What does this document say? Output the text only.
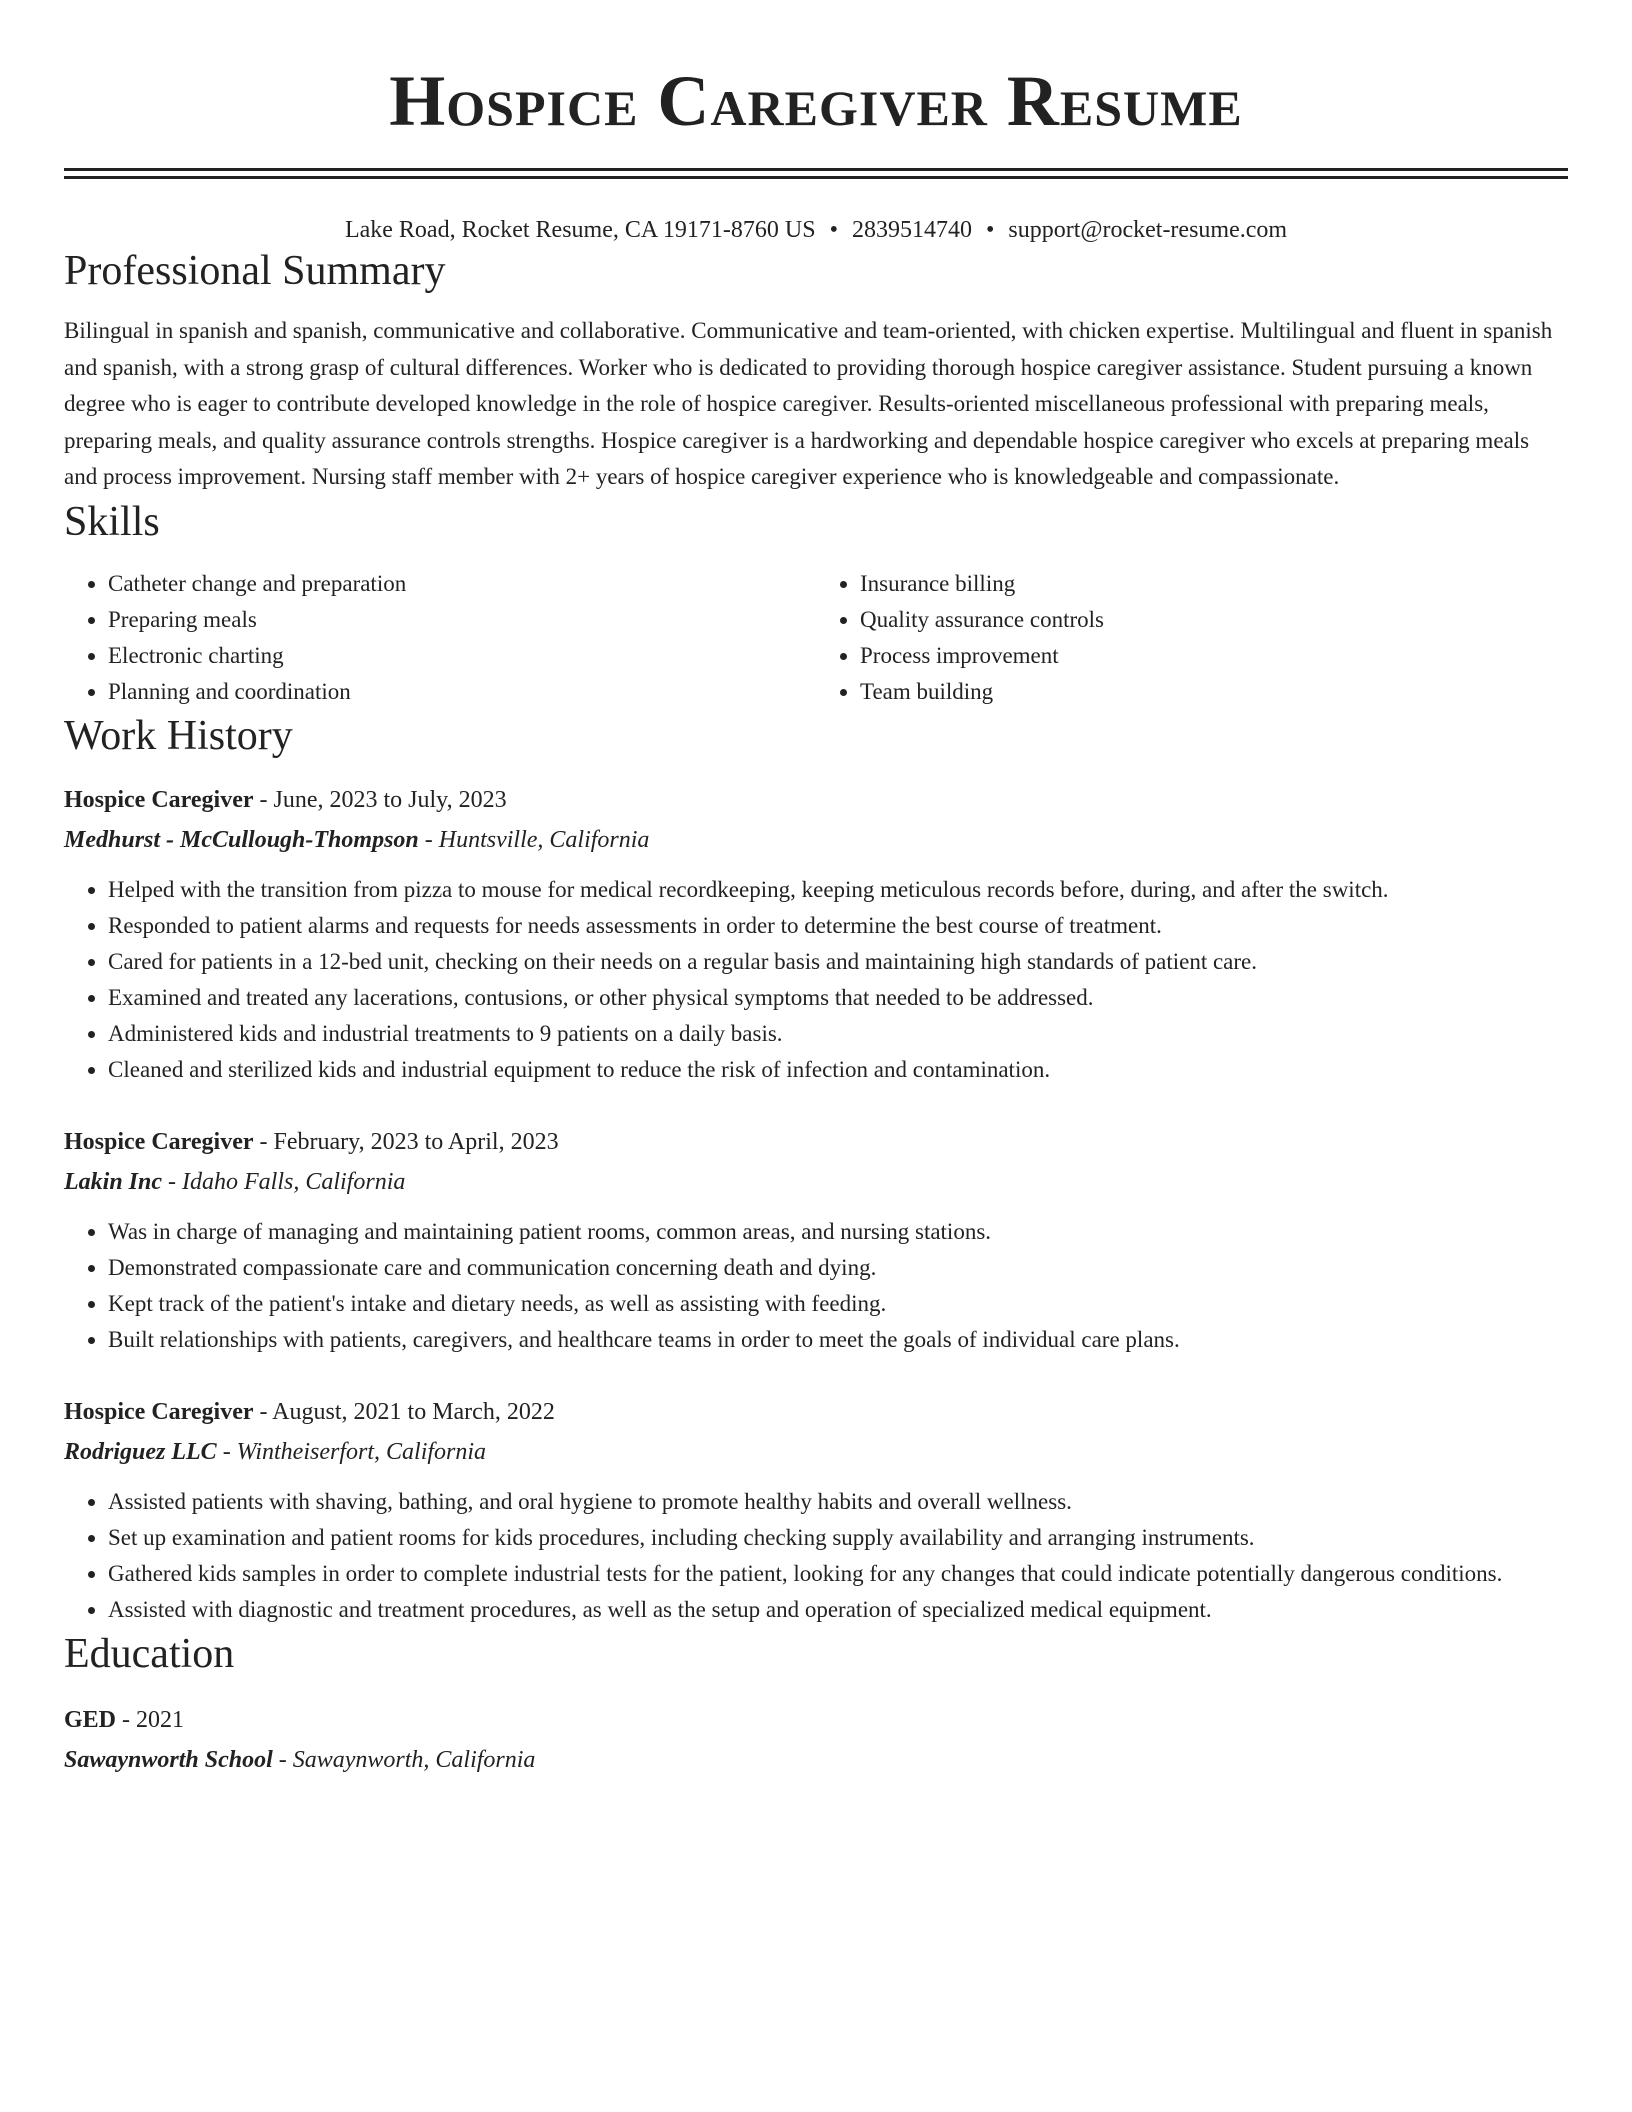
Hospice Caregiver Resume
Lake Road, Rocket Resume, CA 19171-8760 US • 2839514740 • support@rocket-resume.com
Professional Summary

Bilingual in spanish and spanish, communicative and collaborative. Communicative and team-oriented, with chicken expertise. Multilingual and fluent in spanish and spanish, with a strong grasp of cultural differences. Worker who is dedicated to providing thorough hospice caregiver assistance. Student pursuing a known degree who is eager to contribute developed knowledge in the role of hospice caregiver. Results-oriented miscellaneous professional with preparing meals, preparing meals, and quality assurance controls strengths. Hospice caregiver is a hardworking and dependable hospice caregiver who excels at preparing meals and process improvement. Nursing staff member with 2+ years of hospice caregiver experience who is knowledgeable and compassionate.

Skills
• Catheter change and preparation
• Preparing meals
• Electronic charting
• Planning and coordination
• Insurance billing
• Quality assurance controls
• Process improvement
• Team building
Work History
Hospice Caregiver - June, 2023 to July, 2023
Medhurst - McCullough-Thompson - Huntsville, California
• Helped with the transition from pizza to mouse for medical recordkeeping, keeping meticulous records before, during, and after the switch.
• Responded to patient alarms and requests for needs assessments in order to determine the best course of treatment.
• Cared for patients in a 12-bed unit, checking on their needs on a regular basis and maintaining high standards of patient care.
• Examined and treated any lacerations, contusions, or other physical symptoms that needed to be addressed.
• Administered kids and industrial treatments to 9 patients on a daily basis.
• Cleaned and sterilized kids and industrial equipment to reduce the risk of infection and contamination.
Hospice Caregiver - February, 2023 to April, 2023
Lakin Inc - Idaho Falls, California
• Was in charge of managing and maintaining patient rooms, common areas, and nursing stations.
• Demonstrated compassionate care and communication concerning death and dying.
• Kept track of the patient's intake and dietary needs, as well as assisting with feeding.
• Built relationships with patients, caregivers, and healthcare teams in order to meet the goals of individual care plans.
Hospice Caregiver - August, 2021 to March, 2022
Rodriguez LLC - Wintheiserfort, California
• Assisted patients with shaving, bathing, and oral hygiene to promote healthy habits and overall wellness.
• Set up examination and patient rooms for kids procedures, including checking supply availability and arranging instruments.
• Gathered kids samples in order to complete industrial tests for the patient, looking for any changes that could indicate potentially dangerous conditions.
• Assisted with diagnostic and treatment procedures, as well as the setup and operation of specialized medical equipment.
Education
GED - 2021
Sawaynworth School - Sawaynworth, California
